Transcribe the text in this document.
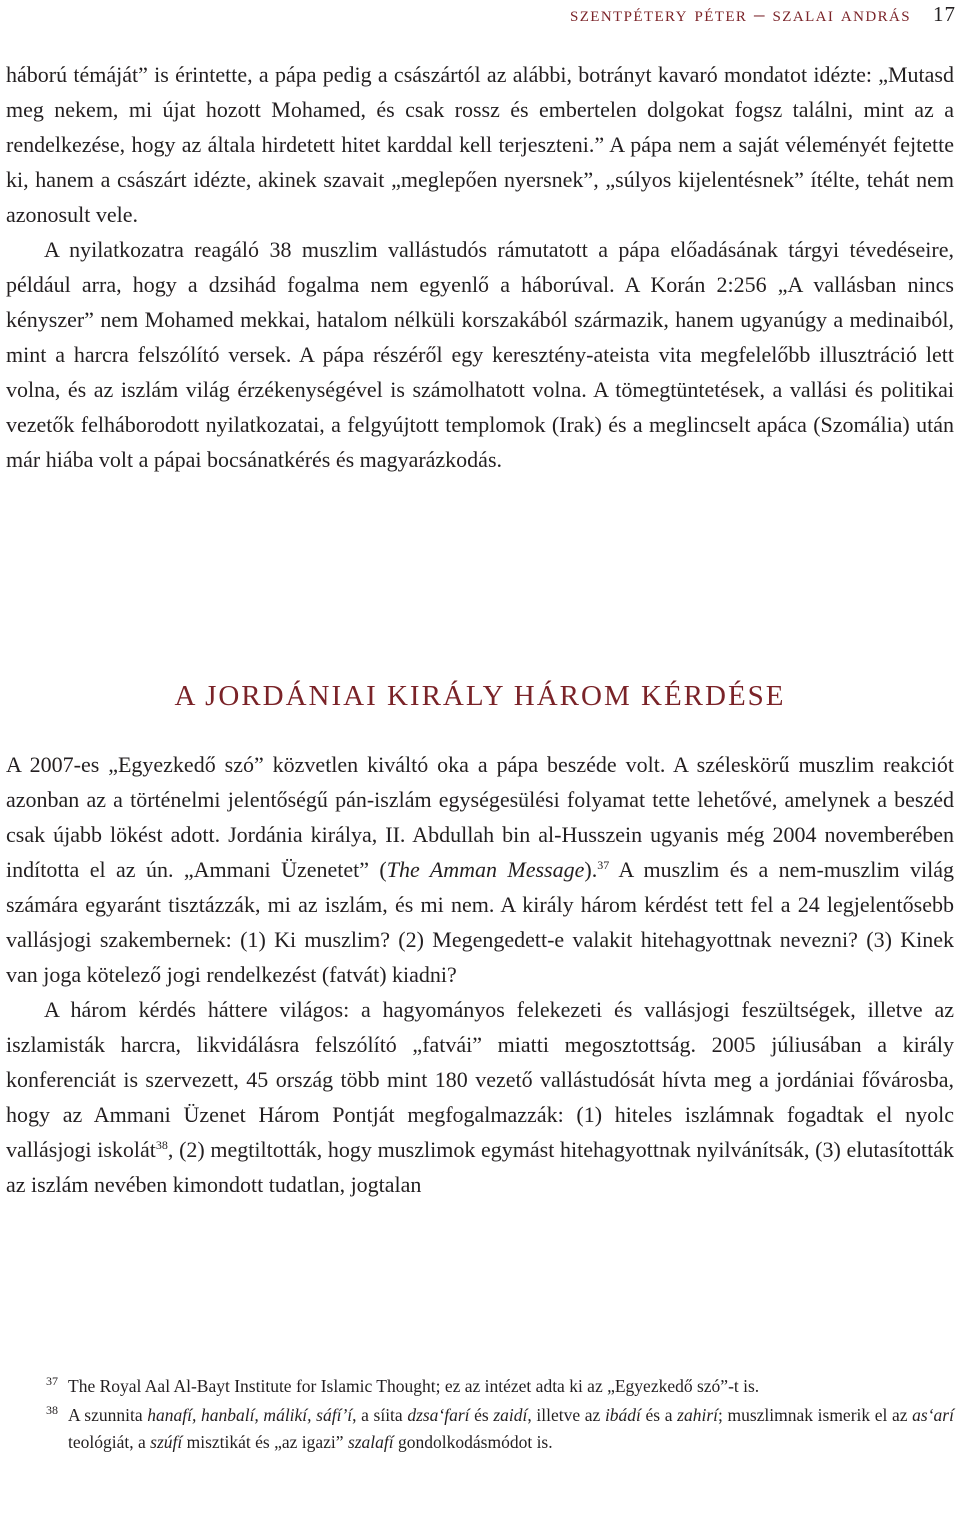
szentpétery péter – szalai andrás 17

háború témáját” is érintette, a pápa pedig a császártól az alábbi, botrányt kavaró mondatot idézte: „Mutasd meg nekem, mi újat hozott Mohamed, és csak rossz és embertelen dolgokat fogsz találni, mint az a rendelkezése, hogy az általa hirdetett hitet karddal kell terjeszteni.” A pápa nem a saját véleményét fejtette ki, hanem a császárt idézte, akinek szavait „meglepően nyersnek”, „súlyos kijelentésnek” ítélte, tehát nem azonosult vele.

A nyilatkozatra reagáló 38 muszlim vallástudós rámutatott a pápa előadásának tárgyi tévedéseire, például arra, hogy a dzsihád fogalma nem egyenlő a háborúval. A Korán 2:256 „A vallásban nincs kényszer” nem Mohamed mekkai, hatalom nélküli korszakából származik, hanem ugyanúgy a medinaiból, mint a harcra felszólító versek. A pápa részéről egy keresztény-ateista vita megfelelőbb illusztráció lett volna, és az iszlám világ érzékenységével is számolhatott volna. A tömegtüntetések, a vallási és politikai vezetők felháborodott nyilatkozatai, a felgyújtott templomok (Irak) és a meglincselt apáca (Szomália) után már hiába volt a pápai bocsánatkérés és magyarázkodás.

A JORDÁNIAI KIRÁLY HÁROM KÉRDÉSE

A 2007-es „Egyezkedő szó” közvetlen kiváltó oka a pápa beszéde volt. A széleskörű muszlim reakciót azonban az a történelmi jelentőségű pán-iszlám egységesülési folyamat tette lehetővé, amelynek a beszéd csak újabb lökést adott. Jordánia királya, II. Abdullah bin al-Husszein ugyanis még 2004 novemberében indította el az ún. „Ammani Üzenetet” (The Amman Message).$^{37}$ A muszlim és a nem-muszlim világ számára egyaránt tisztázzák, mi az iszlám, és mi nem. A király három kérdést tett fel a 24 legjelentősebb vallásjogi szakembernek: (1) Ki muszlim? (2) Megengedett-e valakit hitehagyottnak nevezni? (3) Kinek van joga kötelező jogi rendelkezést (fatvát) kiadni?

A három kérdés háttere világos: a hagyományos felekezeti és vallásjogi feszültségek, illetve az iszlamisták harcra, likvidálásra felszólító „fatvái” miatti megosztottság. 2005 júliusában a király konferenciát is szervezett, 45 ország több mint 180 vezető vallástudósát hívta meg a jordániai fővárosba, hogy az Ammani Üzenet Három Pontját megfogalmazzák: (1) hiteles iszlámnak fogadtak el nyolc vallásjogi iskolát$^{38}$, (2) megtiltották, hogy muszlimok egymást hitehagyottnak nyilvánítsák, (3) elutasították az iszlám nevében kimondott tudatlan, jogtalan

37 The Royal Aal Al-Bayt Institute for Islamic Thought; ez az intézet adta ki az „Egyezkedő szó”-t is.
38 A szunnita hanafí, hanbalí, málikí, sáfí’í, a síita dzsa‘farí és zaidí, illetve az ibádí és a zahirí; muszlimnak ismerik el az as‘arí teológiát, a szúfí misztikát és „az igazi” szalafí gondolkodásmódot is.
